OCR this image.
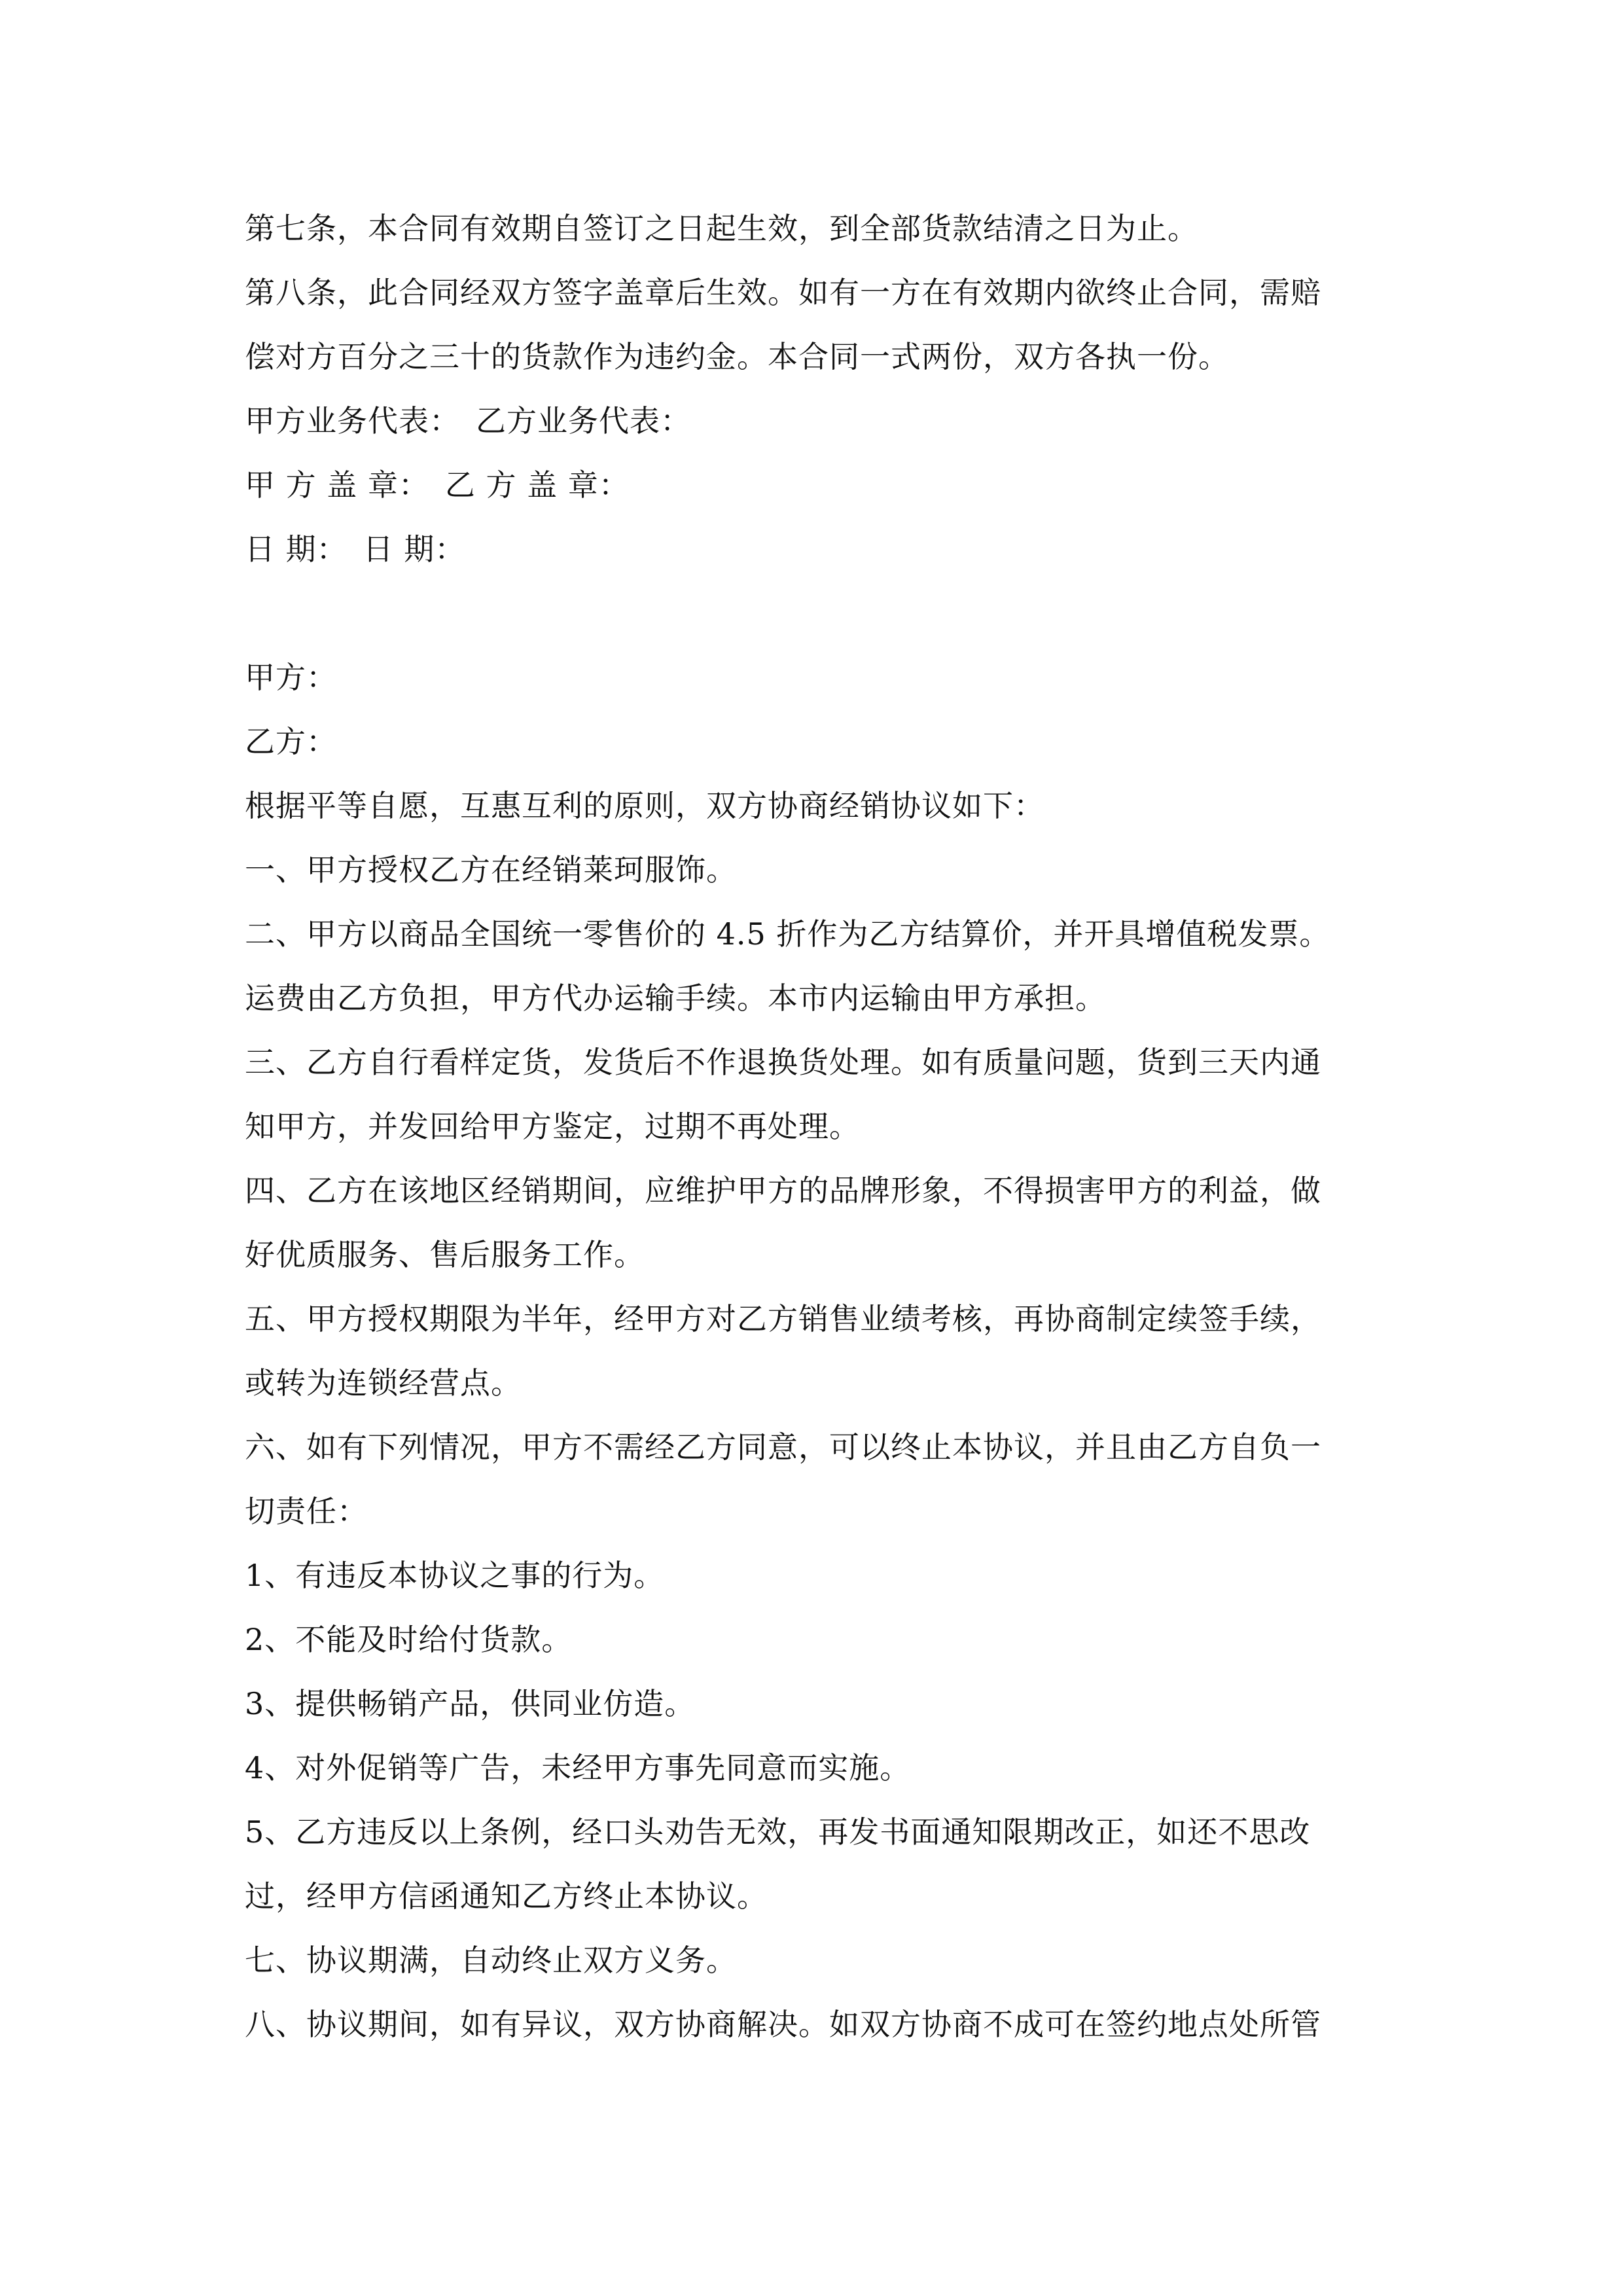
第七条，本合同有效期自签订之日起生效，到全部货款结清之日为止。
第八条，此合同经双方签字盖章后生效。如有一方在有效期内欲终止合同，需赔
偿对方百分之三十的货款作为违约金。本合同一式两份，双方各执一份。
甲方业务代表：　乙方业务代表：
甲 方 盖 章：　乙 方 盖 章：
日 期：　日 期：
甲方：
乙方：
根据平等自愿，互惠互利的原则，双方协商经销协议如下：
一、甲方授权乙方在经销莱珂服饰。
二、甲方以商品全国统一零售价的 4.5 折作为乙方结算价，并开具增值税发票。
运费由乙方负担，甲方代办运输手续。本市内运输由甲方承担。
三、乙方自行看样定货，发货后不作退换货处理。如有质量问题，货到三天内通
知甲方，并发回给甲方鉴定，过期不再处理。
四、乙方在该地区经销期间，应维护甲方的品牌形象，不得损害甲方的利益，做
好优质服务、售后服务工作。
五、甲方授权期限为半年，经甲方对乙方销售业绩考核，再协商制定续签手续，
或转为连锁经营点。
六、如有下列情况，甲方不需经乙方同意，可以终止本协议，并且由乙方自负一
切责任：
1、有违反本协议之事的行为。
2、不能及时给付货款。
3、提供畅销产品，供同业仿造。
4、对外促销等广告，未经甲方事先同意而实施。
5、乙方违反以上条例，经口头劝告无效，再发书面通知限期改正，如还不思改
过，经甲方信函通知乙方终止本协议。
七、协议期满，自动终止双方义务。
八、协议期间，如有异议，双方协商解决。如双方协商不成可在签约地点处所管
